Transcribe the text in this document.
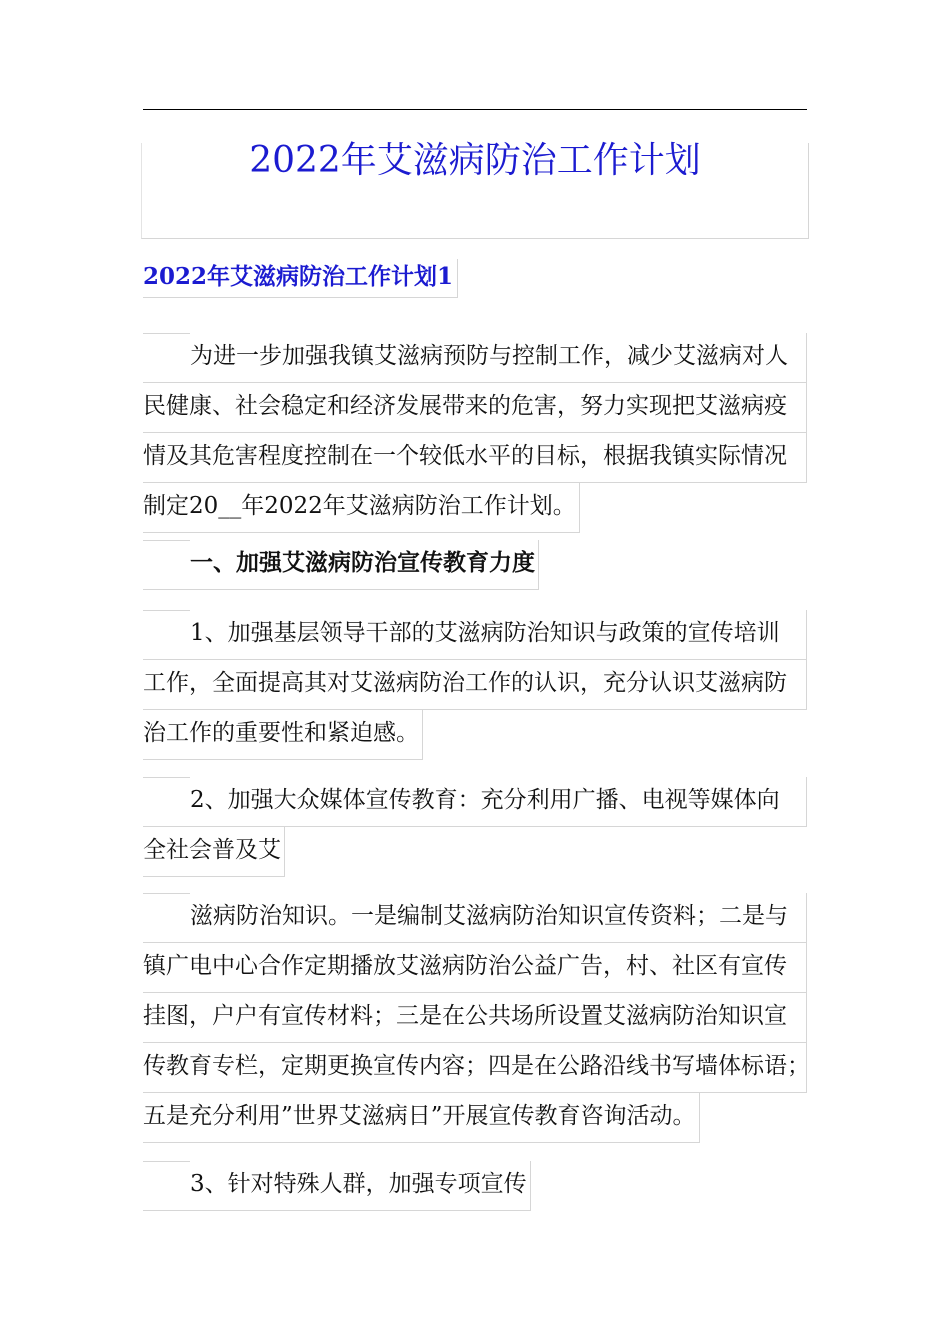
2022年艾滋病防治工作计划
2022年艾滋病防治工作计划1
为进一步加强我镇艾滋病预防与控制工作，减少艾滋病对人
民健康、社会稳定和经济发展带来的危害，努力实现把艾滋病疫
情及其危害程度控制在一个较低水平的目标，根据我镇实际情况
制定20__年2022年艾滋病防治工作计划。
一、加强艾滋病防治宣传教育力度
1、加强基层领导干部的艾滋病防治知识与政策的宣传培训
工作，全面提高其对艾滋病防治工作的认识，充分认识艾滋病防
治工作的重要性和紧迫感。
2、加强大众媒体宣传教育：充分利用广播、电视等媒体向
全社会普及艾
滋病防治知识。一是编制艾滋病防治知识宣传资料；二是与
镇广电中心合作定期播放艾滋病防治公益广告，村、社区有宣传
挂图，户户有宣传材料；三是在公共场所设置艾滋病防治知识宣
传教育专栏，定期更换宣传内容；四是在公路沿线书写墙体标语；
五是充分利用”世界艾滋病日”开展宣传教育咨询活动。
3、针对特殊人群，加强专项宣传
